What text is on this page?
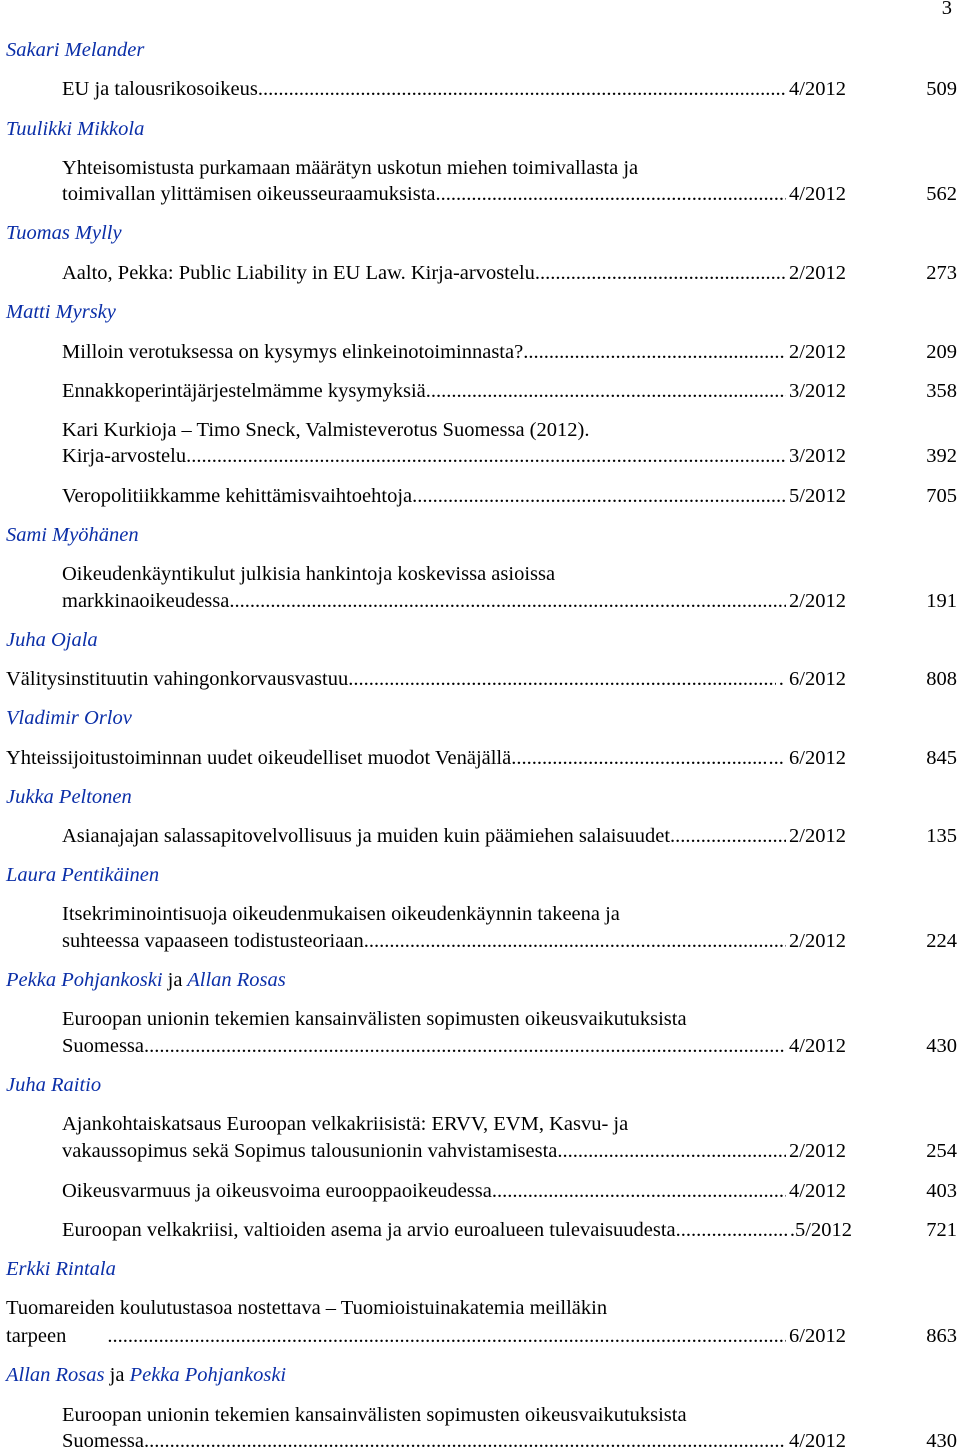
3
Sakari Melander
EU ja talousrikosoikeus .....	4/2012	509
Tuulikki Mikkola
Yhteisomistusta purkamaan määrätyn uskotun miehen toimivallasta ja
toimivallan ylittämisen oikeusseuraamuksista .....	4/2012	562
Tuomas Mylly
Aalto, Pekka: Public Liability in EU Law. Kirja-arvostelu .....	2/2012	273
Matti Myrsky
Milloin verotuksessa on kysymys elinkeinotoiminnasta? .....	2/2012	209
Ennakkoperintäjärjestelmämme kysymyksiä .....	3/2012	358
Kari Kurkioja – Timo Sneck, Valmisteverotus Suomessa (2012).
Kirja-arvostelu .....	3/2012	392
Veropolitiikkamme kehittämisvaihtoehtoja. .....	5/2012	705
Sami Myöhänen
Oikeudenkäyntikulut julkisia hankintoja koskevissa asioissa
markkinaoikeudessa .....	2/2012	191
Juha Ojala
Välitysinstituutin vahingonkorvausvastuu .....	. 6/2012	808
Vladimir Orlov
Yhteissijoitustoiminnan uudet oikeudelliset muodot Venäjällä .....	... 6/2012	845
Jukka Peltonen
Asianajajan salassapitovelvollisuus ja muiden kuin päämiehen salaisuudet. .....	2/2012	135
Laura Pentikäinen
Itsekriminointisuoja oikeudenmukaisen oikeudenkäynnin takeena ja
suhteessa vapaaseen todistusteoriaan .....	2/2012	224
Pekka Pohjankoski ja Allan Rosas
Euroopan unionin tekemien kansainvälisten sopimusten oikeusvaikutuksista
Suomessa .....	4/2012	430
Juha Raitio
Ajankohtaiskatsaus Euroopan velkakriisistä: ERVV, EVM, Kasvu- ja
vakaussopimus sekä Sopimus talousunionin vahvistamisesta .....	2/2012	254
Oikeusvarmuus ja oikeusvoima eurooppaoikeudessa .....	4/2012	403
Euroopan velkakriisi, valtioiden asema ja arvio euroalueen tulevaisuudesta. .....	.5/2012	721
Erkki Rintala
Tuomareiden koulutustasoa nostettava – Tuomioistuinakatemia meilläkin
tarpeen        . .....	6/2012	863
Allan Rosas ja Pekka Pohjankoski
Euroopan unionin tekemien kansainvälisten sopimusten oikeusvaikutuksista
Suomessa .....	4/2012	430
